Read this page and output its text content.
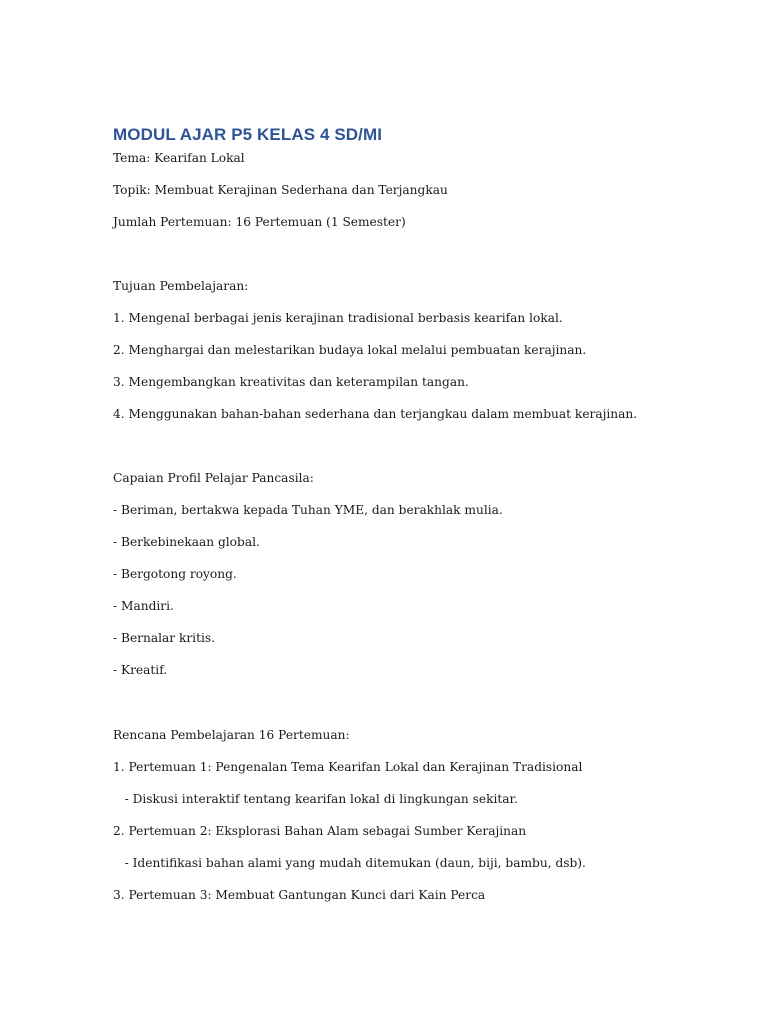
MODUL AJAR P5 KELAS 4 SD/MI

Tema: Kearifan Lokal

Topik: Membuat Kerajinan Sederhana dan Terjangkau

Jumlah Pertemuan: 16 Pertemuan (1 Semester)

Tujuan Pembelajaran:

1. Mengenal berbagai jenis kerajinan tradisional berbasis kearifan lokal.

2. Menghargai dan melestarikan budaya lokal melalui pembuatan kerajinan.

3. Mengembangkan kreativitas dan keterampilan tangan.

4. Menggunakan bahan-bahan sederhana dan terjangkau dalam membuat kerajinan.

Capaian Profil Pelajar Pancasila:

- Beriman, bertakwa kepada Tuhan YME, dan berakhlak mulia.

- Berkebinekaan global.

- Bergotong royong.

- Mandiri.

- Bernalar kritis.

- Kreatif.

Rencana Pembelajaran 16 Pertemuan:

1. Pertemuan 1: Pengenalan Tema Kearifan Lokal dan Kerajinan Tradisional

- Diskusi interaktif tentang kearifan lokal di lingkungan sekitar.

2. Pertemuan 2: Eksplorasi Bahan Alam sebagai Sumber Kerajinan

- Identifikasi bahan alami yang mudah ditemukan (daun, biji, bambu, dsb).

3. Pertemuan 3: Membuat Gantungan Kunci dari Kain Perca
